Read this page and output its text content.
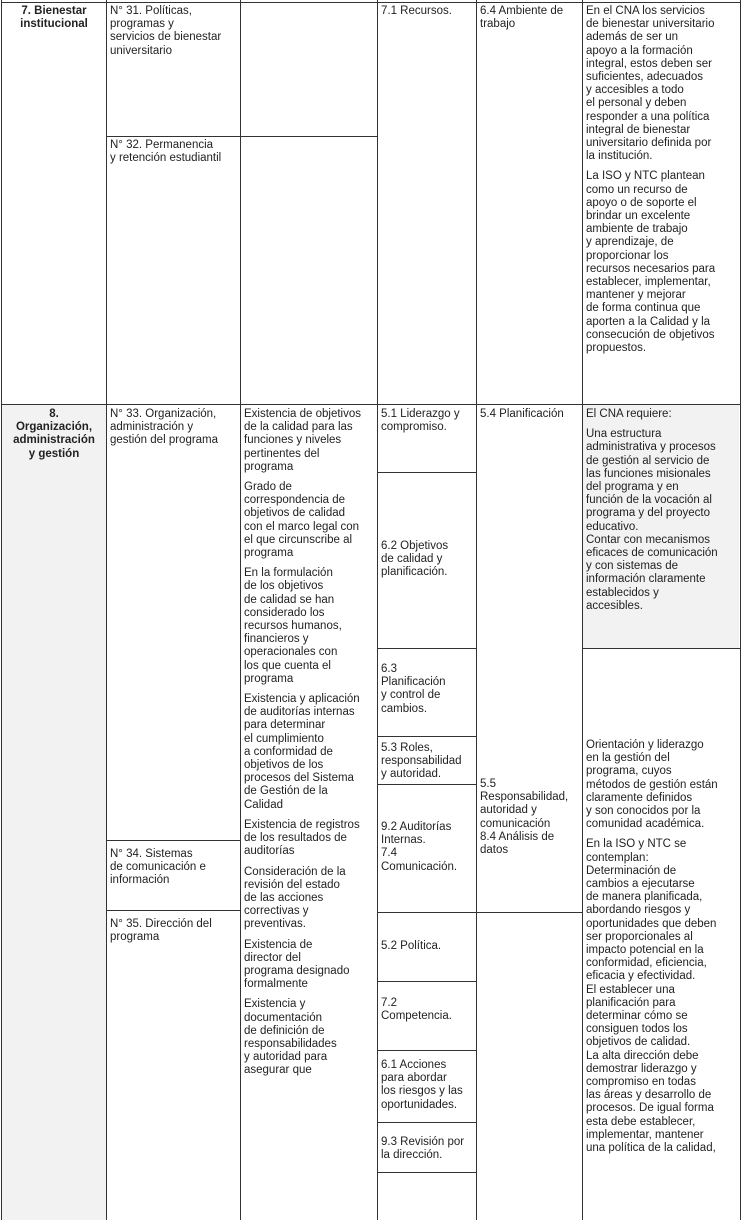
7. Bienestar
institucional
N° 31. Políticas,
programas y
servicios de bienestar
universitario
N° 32. Permanencia
y retención estudiantil
7.1 Recursos.	6.4 Ambiente de
trabajo
En el CNA los servicios
de bienestar universitario
además de ser un
apoyo a la formación
integral, estos deben ser
suficientes, adecuados
y accesibles a todo
el personal y deben
responder a una política
integral de bienestar
universitario definida por
la institución.
La ISO y NTC plantean
como un recurso de
apoyo o de soporte el
brindar un excelente
ambiente de trabajo
y aprendizaje, de
proporcionar los
recursos necesarios para
establecer, implementar,
mantener y mejorar
de forma continua que
aporten a la Calidad y la
consecución de objetivos
propuestos.
8.
Organización,
administración
y gestión
N° 33. Organización,
administración y
gestión del programa
N° 34. Sistemas
de comunicación e
información
N° 35. Dirección del
programa
Existencia de objetivos
de la calidad para las
funciones y niveles
pertinentes del
programa
Grado de
correspondencia de
objetivos de calidad
con el marco legal con
el que circunscribe al
programa
En la formulación
de los objetivos
de calidad se han
considerado los
recursos humanos,
financieros y
operacionales con
los que cuenta el
programa
Existencia y aplicación
de auditorías internas
para determinar
el cumplimiento
a conformidad de
objetivos de los
procesos del Sistema
de Gestión de la
Calidad
Existencia de registros
de los resultados de
auditorías
Consideración de la
revisión del estado
de las acciones
correctivas y
preventivas.
Existencia de
director del
programa designado
formalmente
Existencia y
documentación
de definición de
responsabilidades
y autoridad para
asegurar que
5.1 Liderazgo y
compromiso.
6.2 Objetivos
de calidad y
planificación.
6.3
Planificación
y control de
cambios.
5.3 Roles,
responsabilidad
y autoridad.
9.2 Auditorías
Internas.
7.4
Comunicación.
5.2 Política.
7.2
Competencia.
6.1 Acciones
para abordar
los riesgos y las
oportunidades.
9.3 Revisión por
la dirección.
5.4 Planificación
5.5
Responsabilidad,
autoridad y
comunicación
8.4 Análisis de
datos
El CNA requiere:
Una estructura
administrativa y procesos
de gestión al servicio de
las funciones misionales
del programa y en
función de la vocación al
programa y del proyecto
educativo.
Contar con mecanismos
eficaces de comunicación
y con sistemas de
información claramente
establecidos y
accesibles.
Orientación y liderazgo
en la gestión del
programa, cuyos
métodos de gestión están
claramente definidos
y son conocidos por la
comunidad académica.
En la ISO y NTC se
contemplan:
Determinación de
cambios a ejecutarse
de manera planificada,
abordando riesgos y
oportunidades que deben
ser proporcionales al
impacto potencial en la
conformidad, eficiencia,
eficacia y efectividad.
El establecer una
planificación para
determinar cómo se
consiguen todos los
objetivos de calidad.
La alta dirección debe
demostrar liderazgo y
compromiso en todas
las áreas y desarrollo de
procesos. De igual forma
esta debe establecer,
implementar, mantener
una política de la calidad,
